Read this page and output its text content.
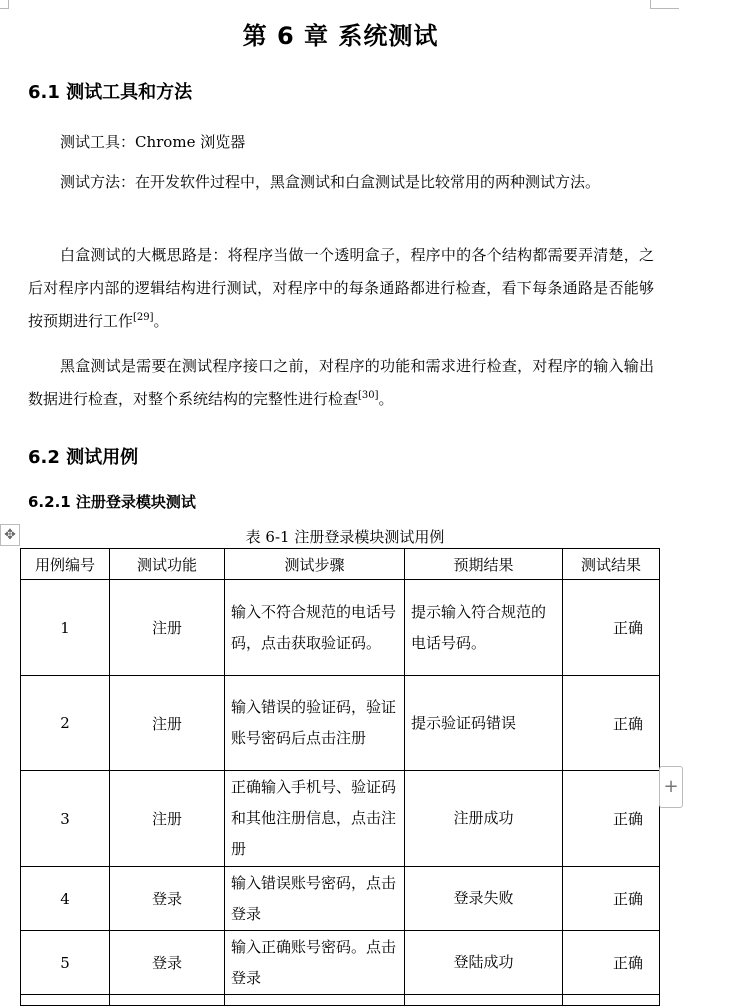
第 6 章 系统测试
6.1 测试工具和方法
测试工具：Chrome 浏览器
测试方法：在开发软件过程中，黑盒测试和白盒测试是比较常用的两种测试方法。
白盒测试的大概思路是：将程序当做一个透明盒子，程序中的各个结构都需要弄清楚，之后对程序内部的逻辑结构进行测试，对程序中的每条通路都进行检查，看下每条通路是否能够按预期进行工作[29]。
黑盒测试是需要在测试程序接口之前，对程序的功能和需求进行检查，对程序的输入输出数据进行检查，对整个系统结构的完整性进行检查[30]。
6.2 测试用例
6.2.1 注册登录模块测试
✥	表 6-1 注册登录模块测试用例
用例编号	测试功能	测试步骤	预期结果	测试结果
1	注册	输入不符合规范的电话号码，点击获取验证码。	提示输入符合规范的电话号码。	正确
2	注册	输入错误的验证码，验证账号密码后点击注册	提示验证码错误	正确
3	注册	正确输入手机号、验证码和其他注册信息，点击注册	注册成功	正确
4	登录	输入错误账号密码，点击登录	登录失败	正确
5	登录	输入正确账号密码。点击登录	登陆成功	正确

+
